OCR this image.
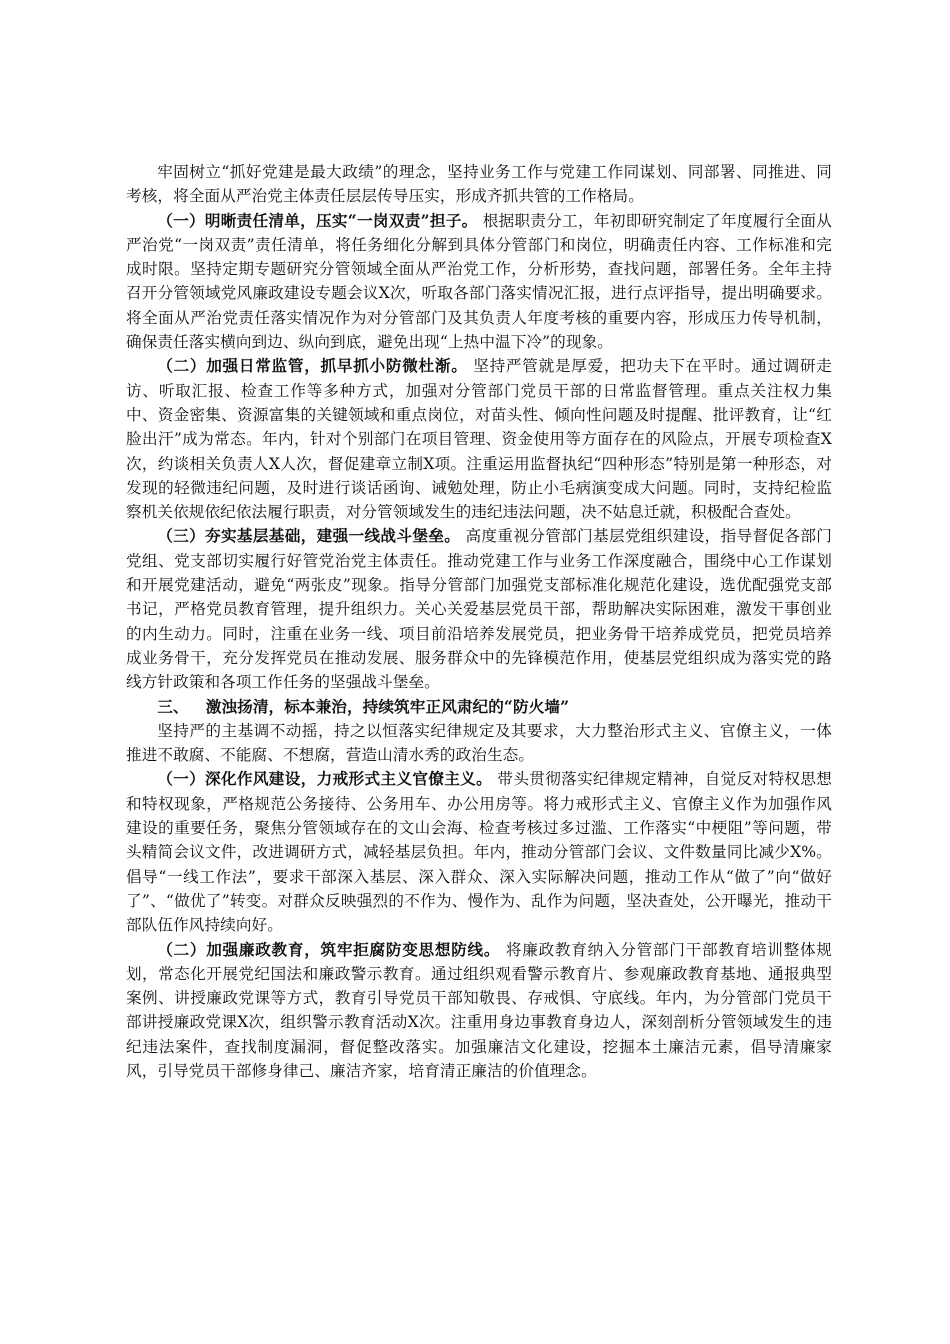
牢固树立“抓好党建是最大政绩”的理念，坚持业务工作与党建工作同谋划、同部署、同推进、同考核，将全面从严治党主体责任层层传导压实，形成齐抓共管的工作格局。

（一）明晰责任清单，压实“一岗双责”担子。 根据职责分工，年初即研究制定了年度履行全面从严治党“一岗双责”责任清单，将任务细化分解到具体分管部门和岗位，明确责任内容、工作标准和完成时限。坚持定期专题研究分管领域全面从严治党工作，分析形势，查找问题，部署任务。全年主持召开分管领域党风廉政建设专题会议X次，听取各部门落实情况汇报，进行点评指导，提出明确要求。将全面从严治党责任落实情况作为对分管部门及其负责人年度考核的重要内容，形成压力传导机制，确保责任落实横向到边、纵向到底，避免出现“上热中温下冷”的现象。

（二）加强日常监管，抓早抓小防微杜渐。 坚持严管就是厚爱，把功夫下在平时。通过调研走访、听取汇报、检查工作等多种方式，加强对分管部门党员干部的日常监督管理。重点关注权力集中、资金密集、资源富集的关键领域和重点岗位，对苗头性、倾向性问题及时提醒、批评教育，让“红脸出汗”成为常态。年内，针对个别部门在项目管理、资金使用等方面存在的风险点，开展专项检查X次，约谈相关负责人X人次，督促建章立制X项。注重运用监督执纪“四种形态”特别是第一种形态，对发现的轻微违纪问题，及时进行谈话函询、诫勉处理，防止小毛病演变成大问题。同时，支持纪检监察机关依规依纪依法履行职责，对分管领域发生的违纪违法问题，决不姑息迁就，积极配合查处。

（三）夯实基层基础，建强一线战斗堡垒。 高度重视分管部门基层党组织建设，指导督促各部门党组、党支部切实履行好管党治党主体责任。推动党建工作与业务工作深度融合，围绕中心工作谋划和开展党建活动，避免“两张皮”现象。指导分管部门加强党支部标准化规范化建设，选优配强党支部书记，严格党员教育管理，提升组织力。关心关爱基层党员干部，帮助解决实际困难，激发干事创业的内生动力。同时，注重在业务一线、项目前沿培养发展党员，把业务骨干培养成党员，把党员培养成业务骨干，充分发挥党员在推动发展、服务群众中的先锋模范作用，使基层党组织成为落实党的路线方针政策和各项工作任务的坚强战斗堡垒。

三、 激浊扬清，标本兼治，持续筑牢正风肃纪的“防火墙”

坚持严的主基调不动摇，持之以恒落实纪律规定及其要求，大力整治形式主义、官僚主义，一体推进不敢腐、不能腐、不想腐，营造山清水秀的政治生态。

（一）深化作风建设，力戒形式主义官僚主义。 带头贯彻落实纪律规定精神，自觉反对特权思想和特权现象，严格规范公务接待、公务用车、办公用房等。将力戒形式主义、官僚主义作为加强作风建设的重要任务，聚焦分管领域存在的文山会海、检查考核过多过滥、工作落实“中梗阻”等问题，带头精简会议文件，改进调研方式，减轻基层负担。年内，推动分管部门会议、文件数量同比减少X%。倡导“一线工作法”，要求干部深入基层、深入群众、深入实际解决问题，推动工作从“做了”向“做好了”、“做优了”转变。对群众反映强烈的不作为、慢作为、乱作为问题，坚决查处，公开曝光，推动干部队伍作风持续向好。

（二）加强廉政教育，筑牢拒腐防变思想防线。 将廉政教育纳入分管部门干部教育培训整体规划，常态化开展党纪国法和廉政警示教育。通过组织观看警示教育片、参观廉政教育基地、通报典型案例、讲授廉政党课等方式，教育引导党员干部知敬畏、存戒惧、守底线。年内，为分管部门党员干部讲授廉政党课X次，组织警示教育活动X次。注重用身边事教育身边人，深刻剖析分管领域发生的违纪违法案件，查找制度漏洞，督促整改落实。加强廉洁文化建设，挖掘本土廉洁元素，倡导清廉家风，引导党员干部修身律己、廉洁齐家，培育清正廉洁的价值理念。
